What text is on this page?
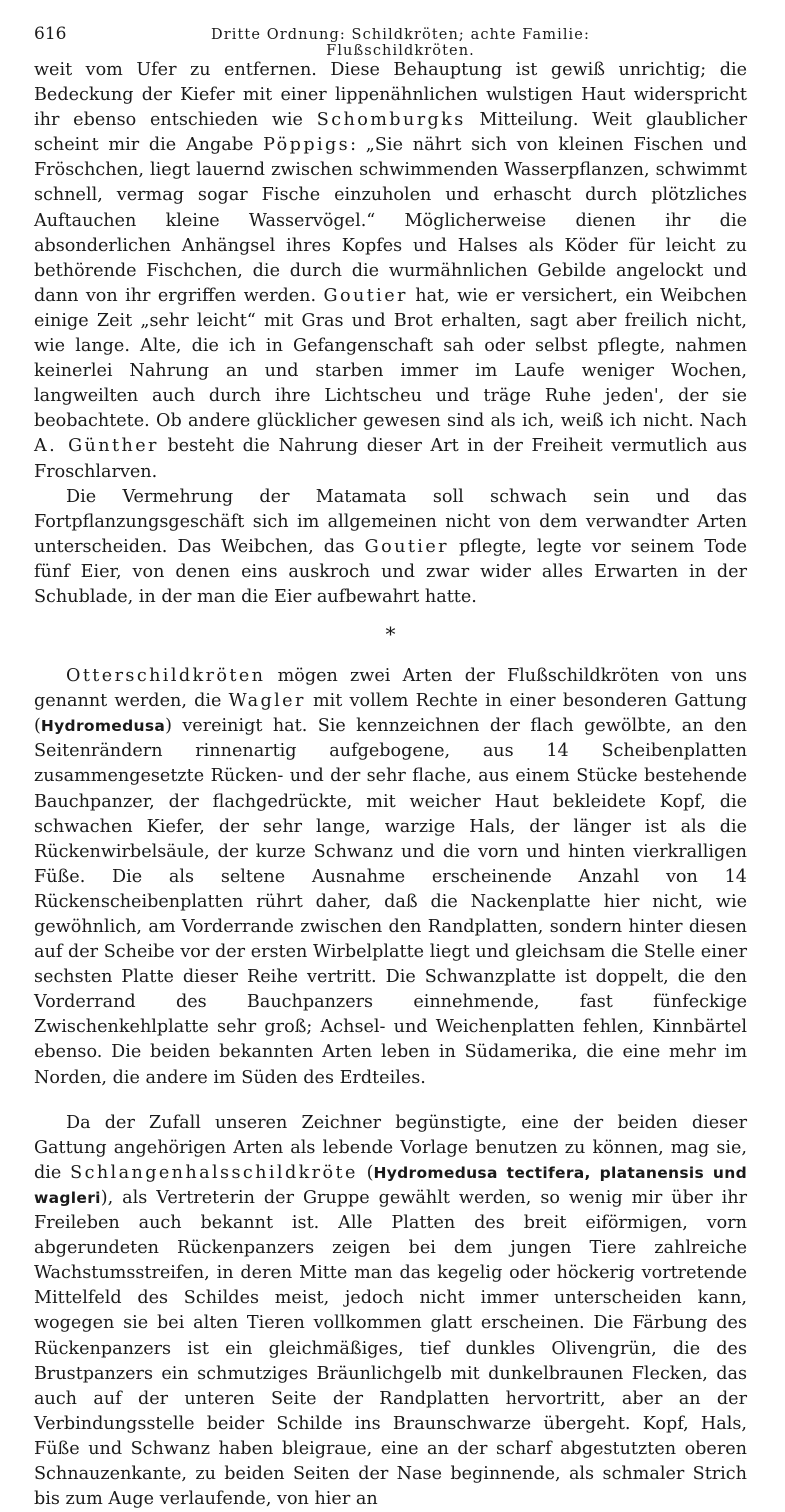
616	Dritte Ordnung: Schildkröten; achte Familie: Flußschildkröten.

weit vom Ufer zu entfernen. Diese Behauptung ist gewiß unrichtig; die Bedeckung der Kiefer mit einer lippenähnlichen wulstigen Haut widerspricht ihr ebenso entschieden wie Schomburgks Mitteilung. Weit glaublicher scheint mir die Angabe Pöppigs: „Sie nährt sich von kleinen Fischen und Fröschchen, liegt lauernd zwischen schwimmenden Wasserpflanzen, schwimmt schnell, vermag sogar Fische einzuholen und erhascht durch plötzliches Auftauchen kleine Wasservögel.“ Möglicherweise dienen ihr die absonderlichen Anhängsel ihres Kopfes und Halses als Köder für leicht zu bethörende Fischchen, die durch die wurmähnlichen Gebilde angelockt und dann von ihr ergriffen werden. Goutier hat, wie er versichert, ein Weibchen einige Zeit „sehr leicht“ mit Gras und Brot erhalten, sagt aber freilich nicht, wie lange. Alte, die ich in Gefangenschaft sah oder selbst pflegte, nahmen keinerlei Nahrung an und starben immer im Laufe weniger Wochen, langweilten auch durch ihre Lichtscheu und träge Ruhe jeden', der sie beobachtete. Ob andere glücklicher gewesen sind als ich, weiß ich nicht. Nach A. Günther besteht die Nahrung dieser Art in der Freiheit vermutlich aus Froschlarven.

Die Vermehrung der Matamata soll schwach sein und das Fortpflanzungsgeschäft sich im allgemeinen nicht von dem verwandter Arten unterscheiden. Das Weibchen, das Goutier pflegte, legte vor seinem Tode fünf Eier, von denen eins auskroch und zwar wider alles Erwarten in der Schublade, in der man die Eier aufbewahrt hatte.

*

Otterschildkröten mögen zwei Arten der Flußschildkröten von uns genannt werden, die Wagler mit vollem Rechte in einer besonderen Gattung (Hydromedusa) vereinigt hat. Sie kennzeichnen der flach gewölbte, an den Seitenrändern rinnenartig aufgebogene, aus 14 Scheibenplatten zusammengesetzte Rücken- und der sehr flache, aus einem Stücke bestehende Bauchpanzer, der flachgedrückte, mit weicher Haut bekleidete Kopf, die schwachen Kiefer, der sehr lange, warzige Hals, der länger ist als die Rückenwirbelsäule, der kurze Schwanz und die vorn und hinten vierkralligen Füße. Die als seltene Ausnahme erscheinende Anzahl von 14 Rückenscheibenplatten rührt daher, daß die Nackenplatte hier nicht, wie gewöhnlich, am Vorderrande zwischen den Randplatten, sondern hinter diesen auf der Scheibe vor der ersten Wirbelplatte liegt und gleichsam die Stelle einer sechsten Platte dieser Reihe vertritt. Die Schwanzplatte ist doppelt, die den Vorderrand des Bauchpanzers einnehmende, fast fünfeckige Zwischenkehlplatte sehr groß; Achsel- und Weichenplatten fehlen, Kinnbärtel ebenso. Die beiden bekannten Arten leben in Südamerika, die eine mehr im Norden, die andere im Süden des Erdteiles.

Da der Zufall unseren Zeichner begünstigte, eine der beiden dieser Gattung angehörigen Arten als lebende Vorlage benutzen zu können, mag sie, die Schlangenhalsschildkröte (Hydromedusa tectifera, platanensis und wagleri), als Vertreterin der Gruppe gewählt werden, so wenig mir über ihr Freileben auch bekannt ist. Alle Platten des breit eiförmigen, vorn abgerundeten Rückenpanzers zeigen bei dem jungen Tiere zahlreiche Wachstumsstreifen, in deren Mitte man das kegelig oder höckerig vortretende Mittelfeld des Schildes meist, jedoch nicht immer unterscheiden kann, wogegen sie bei alten Tieren vollkommen glatt erscheinen. Die Färbung des Rückenpanzers ist ein gleichmäßiges, tief dunkles Olivengrün, die des Brustpanzers ein schmutziges Bräunlichgelb mit dunkelbraunen Flecken, das auch auf der unteren Seite der Randplatten hervortritt, aber an der Verbindungsstelle beider Schilde ins Braunschwarze übergeht. Kopf, Hals, Füße und Schwanz haben bleigraue, eine an der scharf abgestutzten oberen Schnauzenkante, zu beiden Seiten der Nase beginnende, als schmaler Strich bis zum Auge verlaufende, von hier an
